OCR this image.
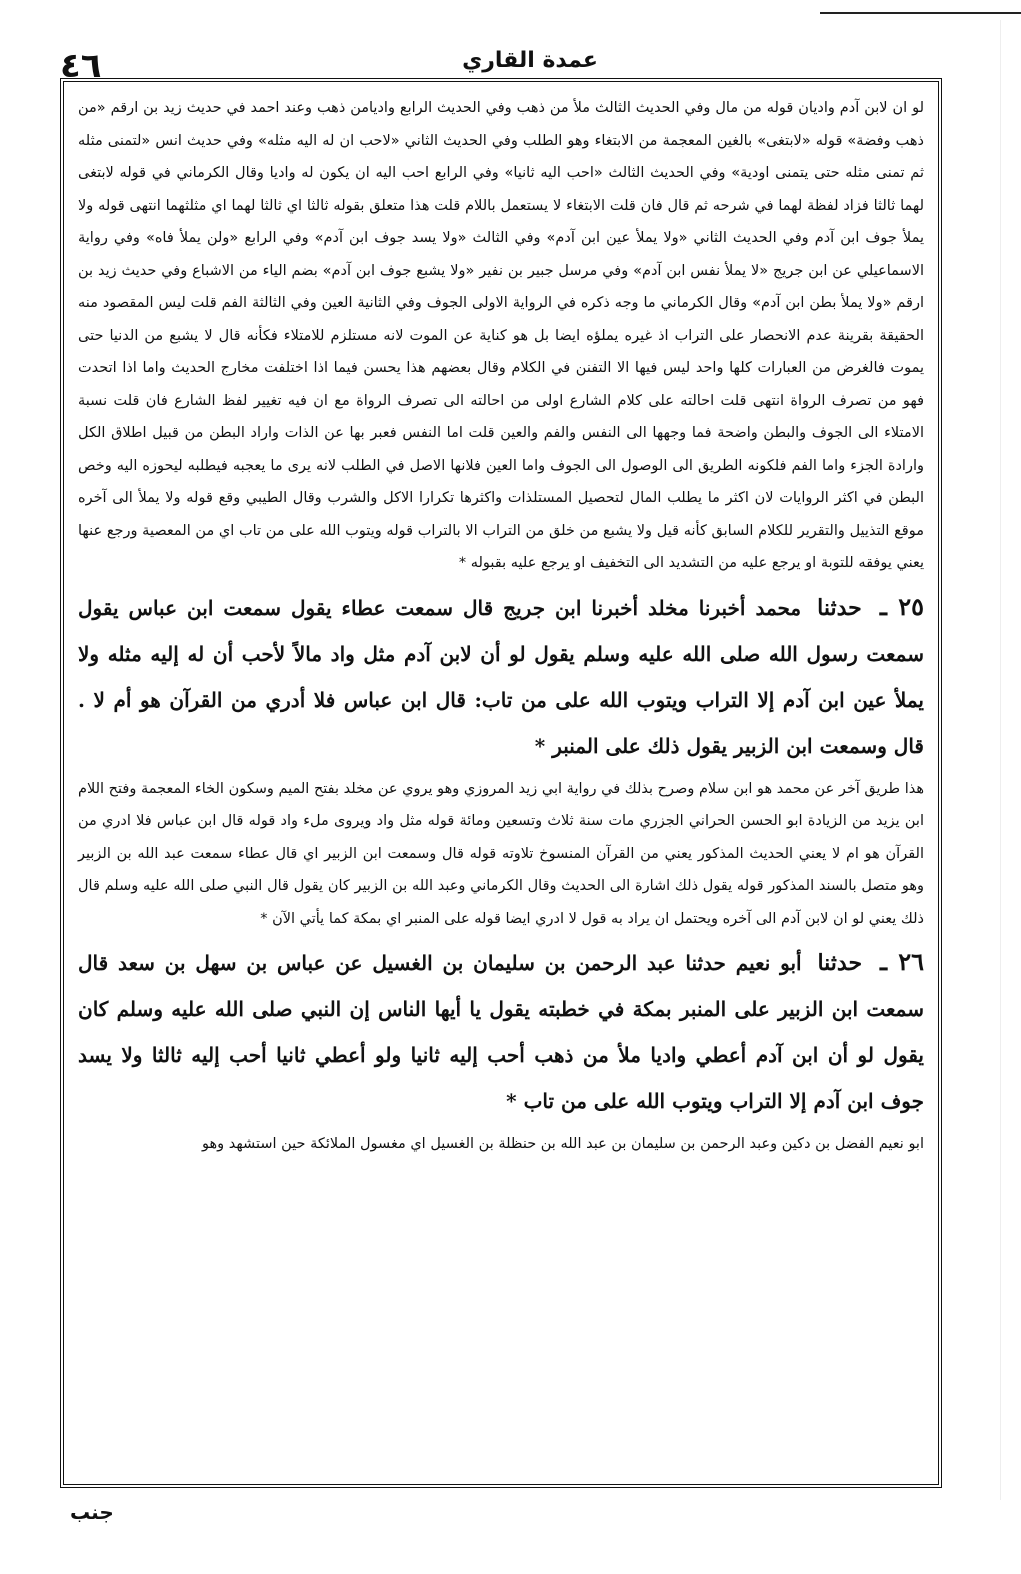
٤٦	عمدة القاري

لو ان لابن آدم واديان قوله من مال وفي الحديث الثالث ملأ من ذهب وفي الحديث الرابع واديامن ذهب وعند احمد في حديث زيد بن ارقم «من ذهب وفضة» قوله «لابتغى» بالغين المعجمة من الابتغاء وهو الطلب وفي الحديث الثاني «لاحب ان له اليه مثله» وفي حديث انس «لتمنى مثله ثم تمنى مثله حتى يتمنى اودية» وفي الحديث الثالث «احب اليه ثانيا» وفي الرابع احب اليه ان يكون له واديا وقال الكرماني في قوله لابتغى لهما ثالثا فزاد لفظة لهما في شرحه ثم قال فان قلت الابتغاء لا يستعمل باللام قلت هذا متعلق بقوله ثالثا اي ثالثا لهما اي مثلثهما انتهى قوله ولا يملأ جوف ابن آدم وفي الحديث الثاني «ولا يملأ عين ابن آدم» وفي الثالث «ولا يسد جوف ابن آدم» وفي الرابع «ولن يملأ فاه» وفي رواية الاسماعيلي عن ابن جريج «لا يملأ نفس ابن آدم» وفي مرسل جبير بن نفير «ولا يشبع جوف ابن آدم» بضم الياء من الاشباع وفي حديث زيد بن ارقم «ولا يملأ بطن ابن آدم» وقال الكرماني ما وجه ذكره في الرواية الاولى الجوف وفي الثانية العين وفي الثالثة الفم قلت ليس المقصود منه الحقيقة بقرينة عدم الانحصار على التراب اذ غيره يملؤه ايضا بل هو كناية عن الموت لانه مستلزم للامتلاء فكأنه قال لا يشبع من الدنيا حتى يموت فالغرض من العبارات كلها واحد ليس فيها الا التفنن في الكلام وقال بعضهم هذا يحسن فيما اذا اختلفت مخارج الحديث واما اذا اتحدت فهو من تصرف الرواة انتهى قلت احالته على كلام الشارع اولى من احالته الى تصرف الرواة مع ان فيه تغيير لفظ الشارع فان قلت نسبة الامتلاء الى الجوف والبطن واضحة فما وجهها الى النفس والفم والعين قلت اما النفس فعبر بها عن الذات واراد البطن من قبيل اطلاق الكل وارادة الجزء واما الفم فلكونه الطريق الى الوصول الى الجوف واما العين فلانها الاصل في الطلب لانه يرى ما يعجبه فيطلبه ليحوزه اليه وخص البطن في اكثر الروايات لان اكثر ما يطلب المال لتحصيل المستلذات واكثرها تكرارا الاكل والشرب وقال الطيبي وقع قوله ولا يملأ الى آخره موقع التذييل والتقرير للكلام السابق كأنه قيل ولا يشبع من خلق من التراب الا بالتراب قوله ويتوب الله على من تاب اي من المعصية ورجع عنها يعني يوفقه للتوبة او يرجع عليه من التشديد الى التخفيف او يرجع عليه بقبوله *

٢٥ ـ حدثنا محمد أخبرنا مخلد أخبرنا ابن جريج قال سمعت عطاء يقول سمعت ابن عباس يقول سمعت رسول الله صلى الله عليه وسلم يقول لو أن لابن آدم مثل واد مالاً لأحب أن له إليه مثله ولا يملأ عين ابن آدم إلا التراب ويتوب الله على من تاب: قال ابن عباس فلا أدري من القرآن هو أم لا . قال وسمعت ابن الزبير يقول ذلك على المنبر *

هذا طريق آخر عن محمد هو ابن سلام وصرح بذلك في رواية ابي زيد المروزي وهو يروي عن مخلد بفتح الميم وسكون الخاء المعجمة وفتح اللام ابن يزيد من الزيادة ابو الحسن الحراني الجزري مات سنة ثلاث وتسعين ومائة قوله مثل واد ويروى مل‌ء واد قوله قال ابن عباس فلا ادري من القرآن هو ام لا يعني الحديث المذكور يعني من القرآن المنسوخ تلاوته قوله قال وسمعت ابن الزبير اي قال عطاء سمعت عبد الله بن الزبير وهو متصل بالسند المذكور قوله يقول ذلك اشارة الى الحديث وقال الكرماني وعبد الله بن الزبير كان يقول قال النبي صلى الله عليه وسلم قال ذلك يعني لو ان لابن آدم الى آخره ويحتمل ان يراد به قول لا ادري ايضا قوله على المنبر اي بمكة كما يأتي الآن *

٢٦ ـ حدثنا أبو نعيم حدثنا عبد الرحمن بن سليمان بن الغسيل عن عباس بن سهل بن سعد قال سمعت ابن الزبير على المنبر بمكة في خطبته يقول يا أيها الناس إن النبي صلى الله عليه وسلم كان يقول لو أن ابن آدم أعطي واديا ملأ من ذهب أحب إليه ثانيا ولو أعطي ثانيا أحب إليه ثالثا ولا يسد جوف ابن آدم إلا التراب ويتوب الله على من تاب *

ابو نعيم الفضل بن دكين وعبد الرحمن بن سليمان بن عبد الله بن حنظلة بن الغسيل اي مغسول الملائكة حين استشهد وهو

جنب
